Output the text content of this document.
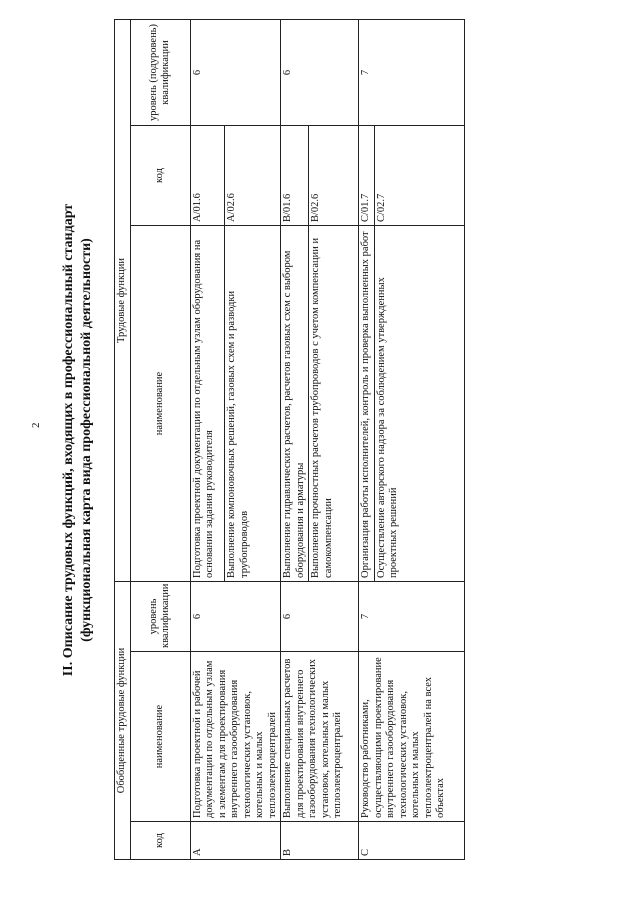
2 II. Описание трудовых функций, входящих в профессиональный стандарт (функциональная карта вида профессиональной деятельности)
Обобщенные трудовые функции			Трудовые функции		
код	наименование	уровень квалификации	наименование	код	уровень (подуровень) квалификации
A	Подготовка проектной и рабочей документации по отдельным узлам и элементам для проектирования внутреннего газооборудования технологических установок, котельных и малых теплоэлектроцентралей	6	Подготовка проектной документации по отдельным узлам оборудования на основании задания руководителя	A/01.6	6
			Выполнение компоновочных решений, газовых схем и разводки трубопроводов	A/02.6	
B	Выполнение специальных расчетов для проектирования внутреннего газооборудования технологических установок, котельных и малых теплоэлектроцентралей	6	Выполнение гидравлических расчетов, расчетов газовых схем с выбором оборудования и арматуры	B/01.6	6
			Выполнение прочностных расчетов трубопроводов с учетом компенсации и самокомпенсации	B/02.6	
C	Руководство работниками, осуществляющими проектирование внутреннего газооборудования технологических установок, котельных и малых теплоэлектроцентралей на всех объектах	7	Организация работы исполнителей, контроль и проверка выполненных работ	C/01.7	7
			Осуществление авторского надзора за соблюдением утвержденных проектных решений	C/02.7	
